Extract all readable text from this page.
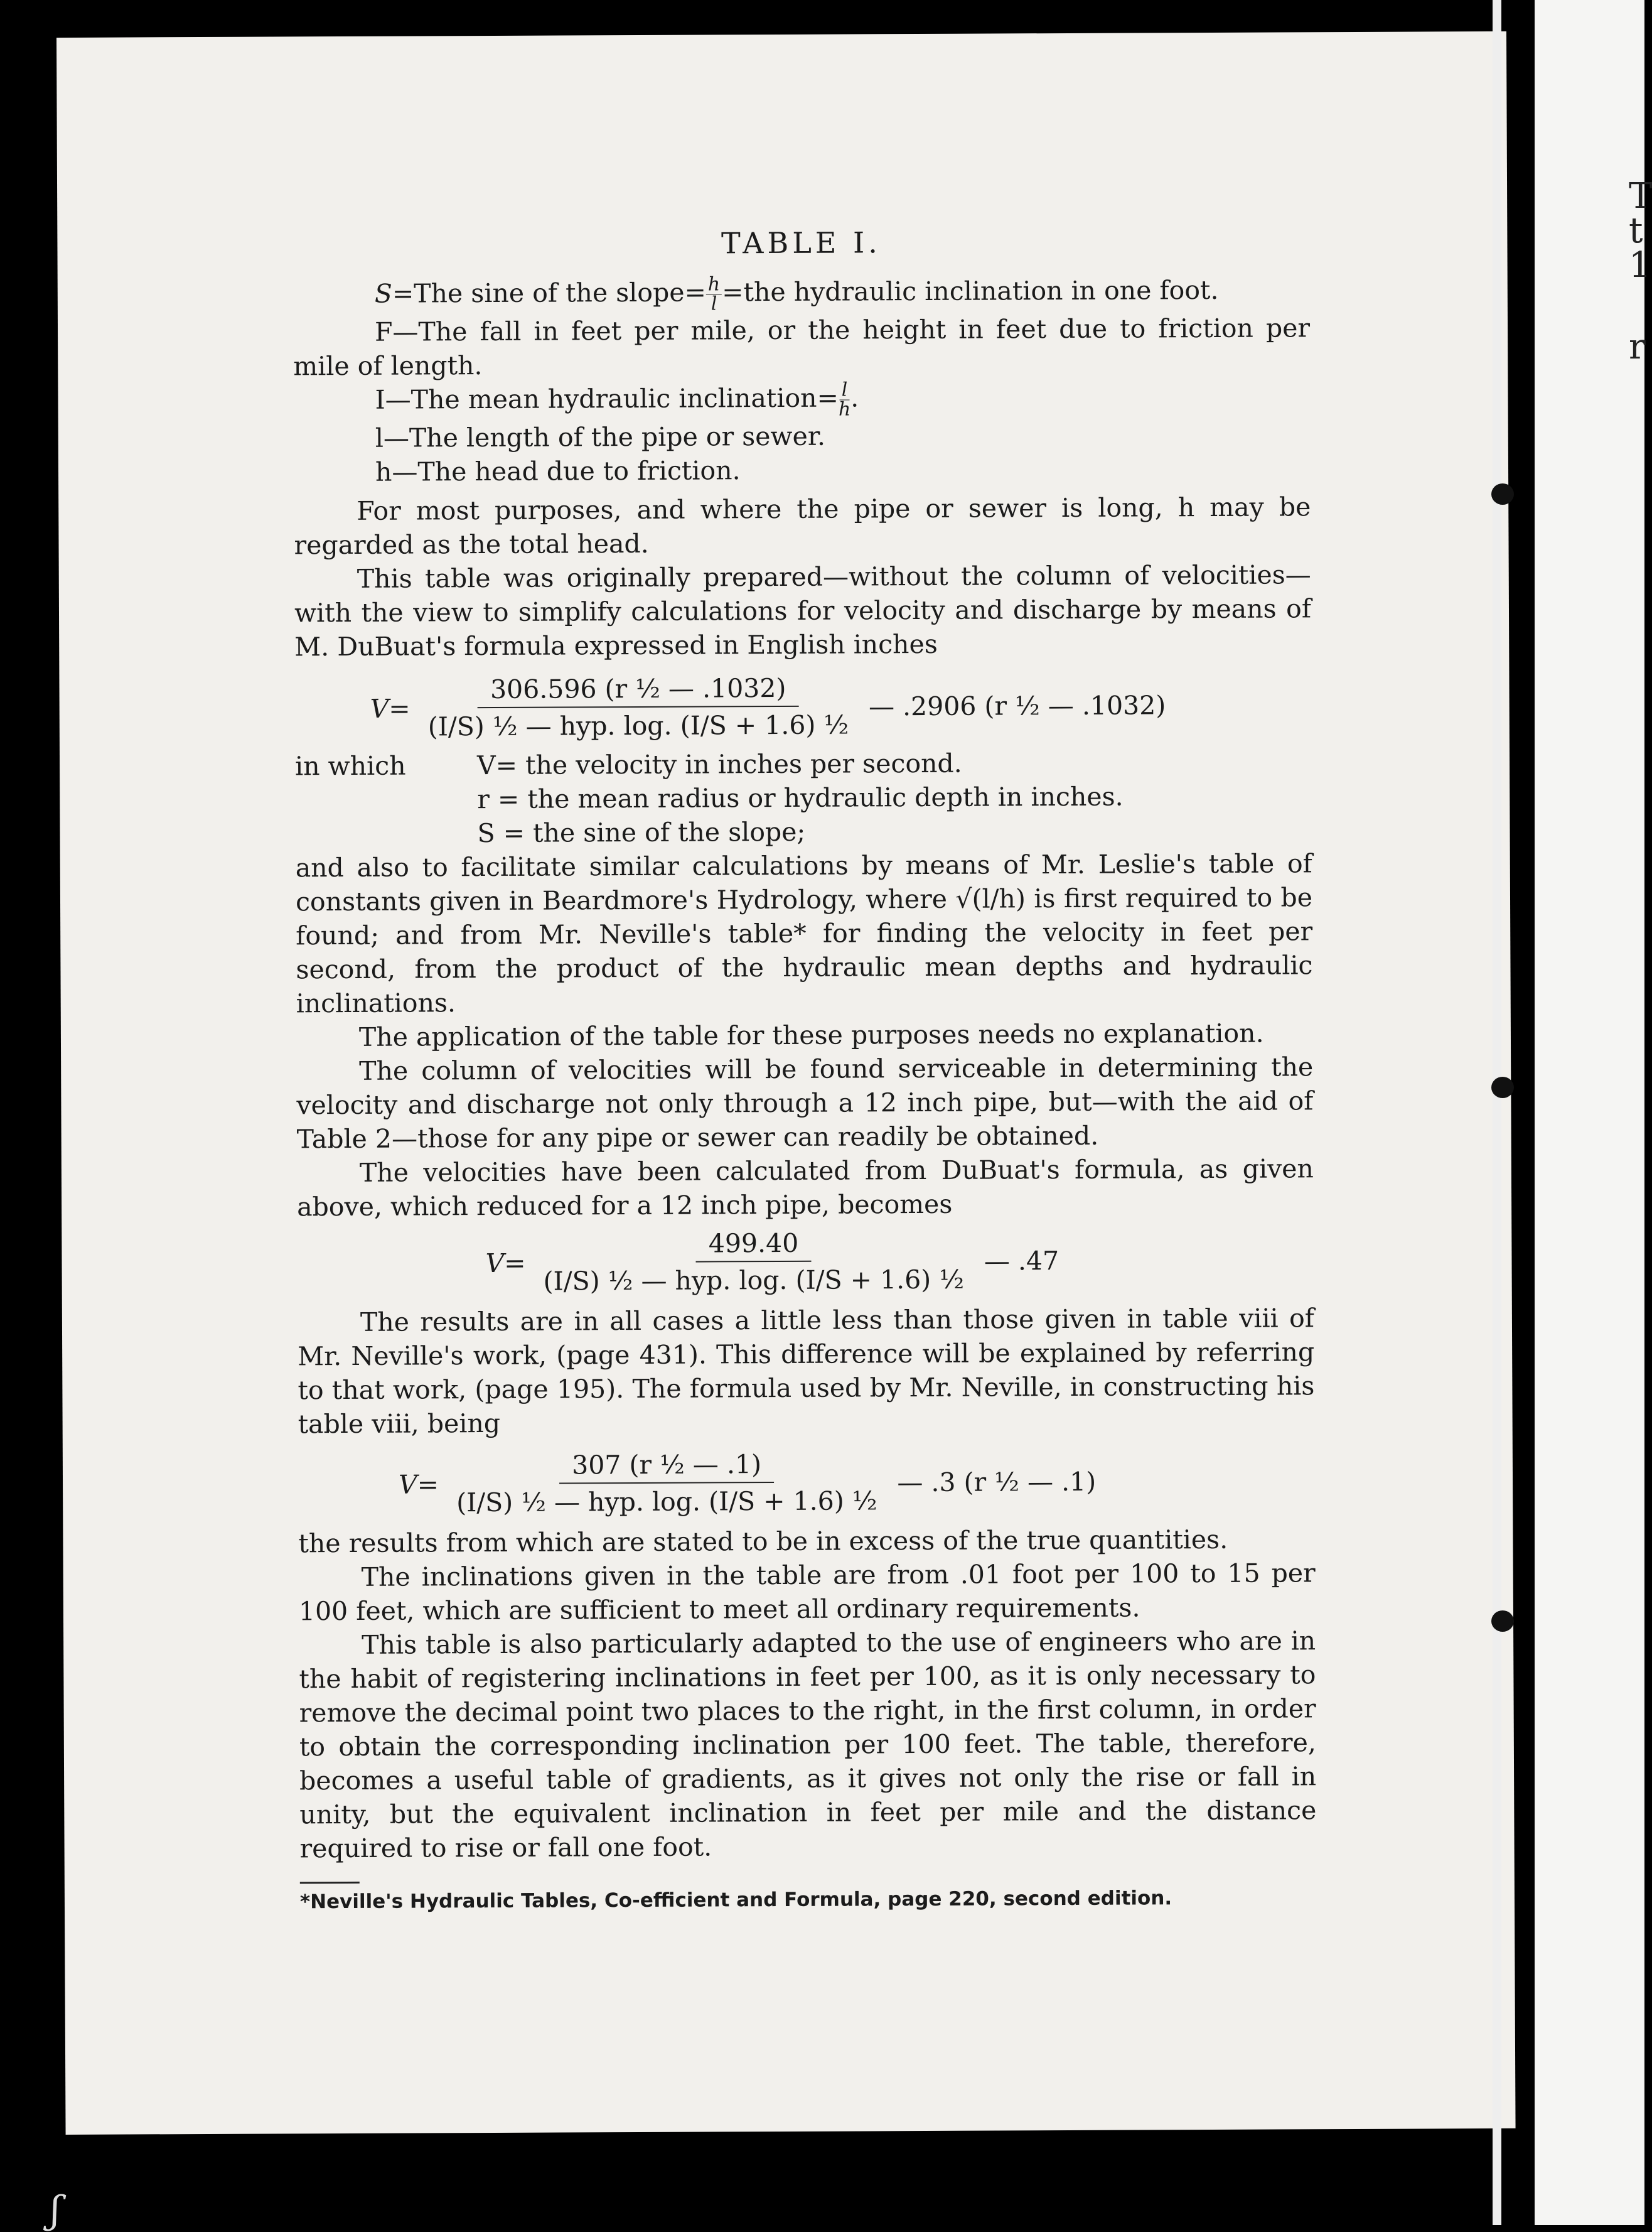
TABLE I.

S=The sine of the slope= $\frac{h}{l} =the$ hydraulic inclination in one foot.

F—The fall in feet per mile, or the height in feet due to friction per mile of length.

I—The mean hydraulic inclination= $\frac{l}{h}$ .

l—The length of the pipe or sewer.

h—The head due to friction.

For most purposes, and where the pipe or sewer is long, h may be regarded as the total head.

This table was originally prepared—without the column of velocities—with the view to simplify calculations for velocity and discharge by means of M. DuBuat's formula expressed in English inches

$V= \frac{\text{306.596 (r ½ — .1032)}}{\text{(I/S) ½ — hyp. log. (I/S + 1.6) ½}}$ — .2906 (r ½ — .1032)
in which	V= the velocity in inches per second.
r = the mean radius or hydraulic depth in inches.
S = the sine of the slope;

and also to facilitate similar calculations by means of Mr. Leslie's table of constants given in Beardmore's Hydrology, where √(l/h) is first required to be found; and from Mr. Neville's table* for finding the velocity in feet per second, from the product of the hydraulic mean depths and hydraulic inclinations.

The application of the table for these purposes needs no explanation.

The column of velocities will be found serviceable in determining the velocity and discharge not only through a 12 inch pipe, but—with the aid of Table 2—those for any pipe or sewer can readily be obtained.

The velocities have been calculated from DuBuat's formula, as given above, which reduced for a 12 inch pipe, becomes

$V= \frac{499.40}{\text{(I/S) ½ — hyp. log. (I/S + 1.6) ½}}$ — .47

The results are in all cases a little less than those given in table viii of Mr. Neville's work, (page 431). This difference will be explained by referring to that work, (page 195). The formula used by Mr. Neville, in constructing his table viii, being

$V= \frac{\text{307 (r ½ — .1)}}{\text{(I/S) ½ — hyp. log. (I/S + 1.6) ½}}$ — .3 (r ½ — .1)

the results from which are stated to be in excess of the true quantities.

The inclinations given in the table are from .01 foot per 100 to 15 per 100 feet, which are sufficient to meet all ordinary requirements.

This table is also particularly adapted to the use of engineers who are in the habit of registering inclinations in feet per 100, as it is only necessary to remove the decimal point two places to the right, in the first column, in order to obtain the corresponding inclination per 100 feet. The table, therefore, becomes a useful table of gradients, as it gives not only the rise or fall in unity, but the equivalent inclination in feet per mile and the distance required to rise or fall one foot.

*Neville's Hydraulic Tables, Co-efficient and Formula, page 220, second edition.
T
t
1
r
ʃ
